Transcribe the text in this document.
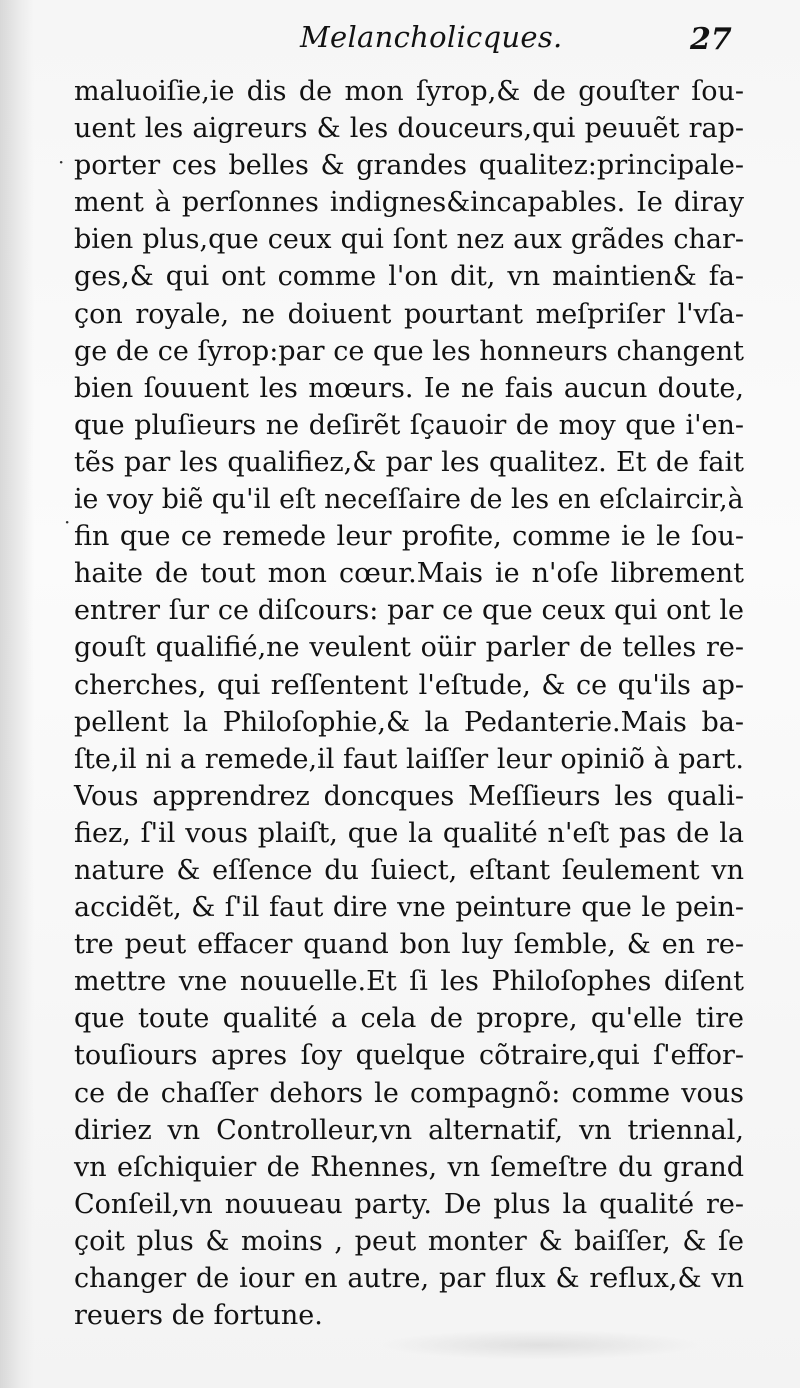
Melancholicques.	27
·
·
maluoiſie,ie dis de mon ſyrop,& de gouſter ſou-
uent les aigreurs & les douceurs,qui peuuẽt rap-
porter ces belles & grandes qualitez:principale-
ment à perſonnes indignes&incapables. Ie diray
bien plus,que ceux qui ſont nez aux grãdes char-
ges,& qui ont comme l'on dit, vn maintien& fa-
çon royale, ne doiuent pourtant meſpriſer l'vſa-
ge de ce ſyrop:par ce que les honneurs changent
bien ſouuent les mœurs. Ie ne fais aucun doute,
que pluſieurs ne deſirẽt ſçauoir de moy que i'en-
tẽs par les qualifiez,& par les qualitez. Et de fait
ie voy biẽ qu'il eſt neceſſaire de les en eſclaircir,à
fin que ce remede leur profite, comme ie le ſou-
haite de tout mon cœur.Mais ie n'oſe librement
entrer ſur ce diſcours: par ce que ceux qui ont le
gouſt qualifié,ne veulent oüir parler de telles re-
cherches, qui reſſentent l'eſtude, & ce qu'ils ap-
pellent la Philoſophie,& la Pedanterie.Mais ba-
ſte,il ni a remede,il faut laiſſer leur opiniõ à part.
Vous apprendrez doncques Meſſieurs les quali-
fiez, ſ'il vous plaiſt, que la qualité n'eſt pas de la
nature & eſſence du ſuiect, eſtant ſeulement vn
accidẽt, & ſ'il faut dire vne peinture que le pein-
tre peut effacer quand bon luy ſemble, & en re-
mettre vne nouuelle.Et ſi les Philoſophes diſent
que toute qualité a cela de propre, qu'elle tire
touſiours apres ſoy quelque cõtraire,qui ſ'effor-
ce de chaſſer dehors le compagnõ: comme vous
diriez vn Controlleur,vn alternatif, vn triennal,
vn eſchiquier de Rhennes, vn ſemeſtre du grand
Conſeil,vn nouueau party. De plus la qualité re-
çoit plus & moins , peut monter & baiſſer, & ſe
changer de iour en autre, par flux & reflux,& vn
reuers de fortune.
